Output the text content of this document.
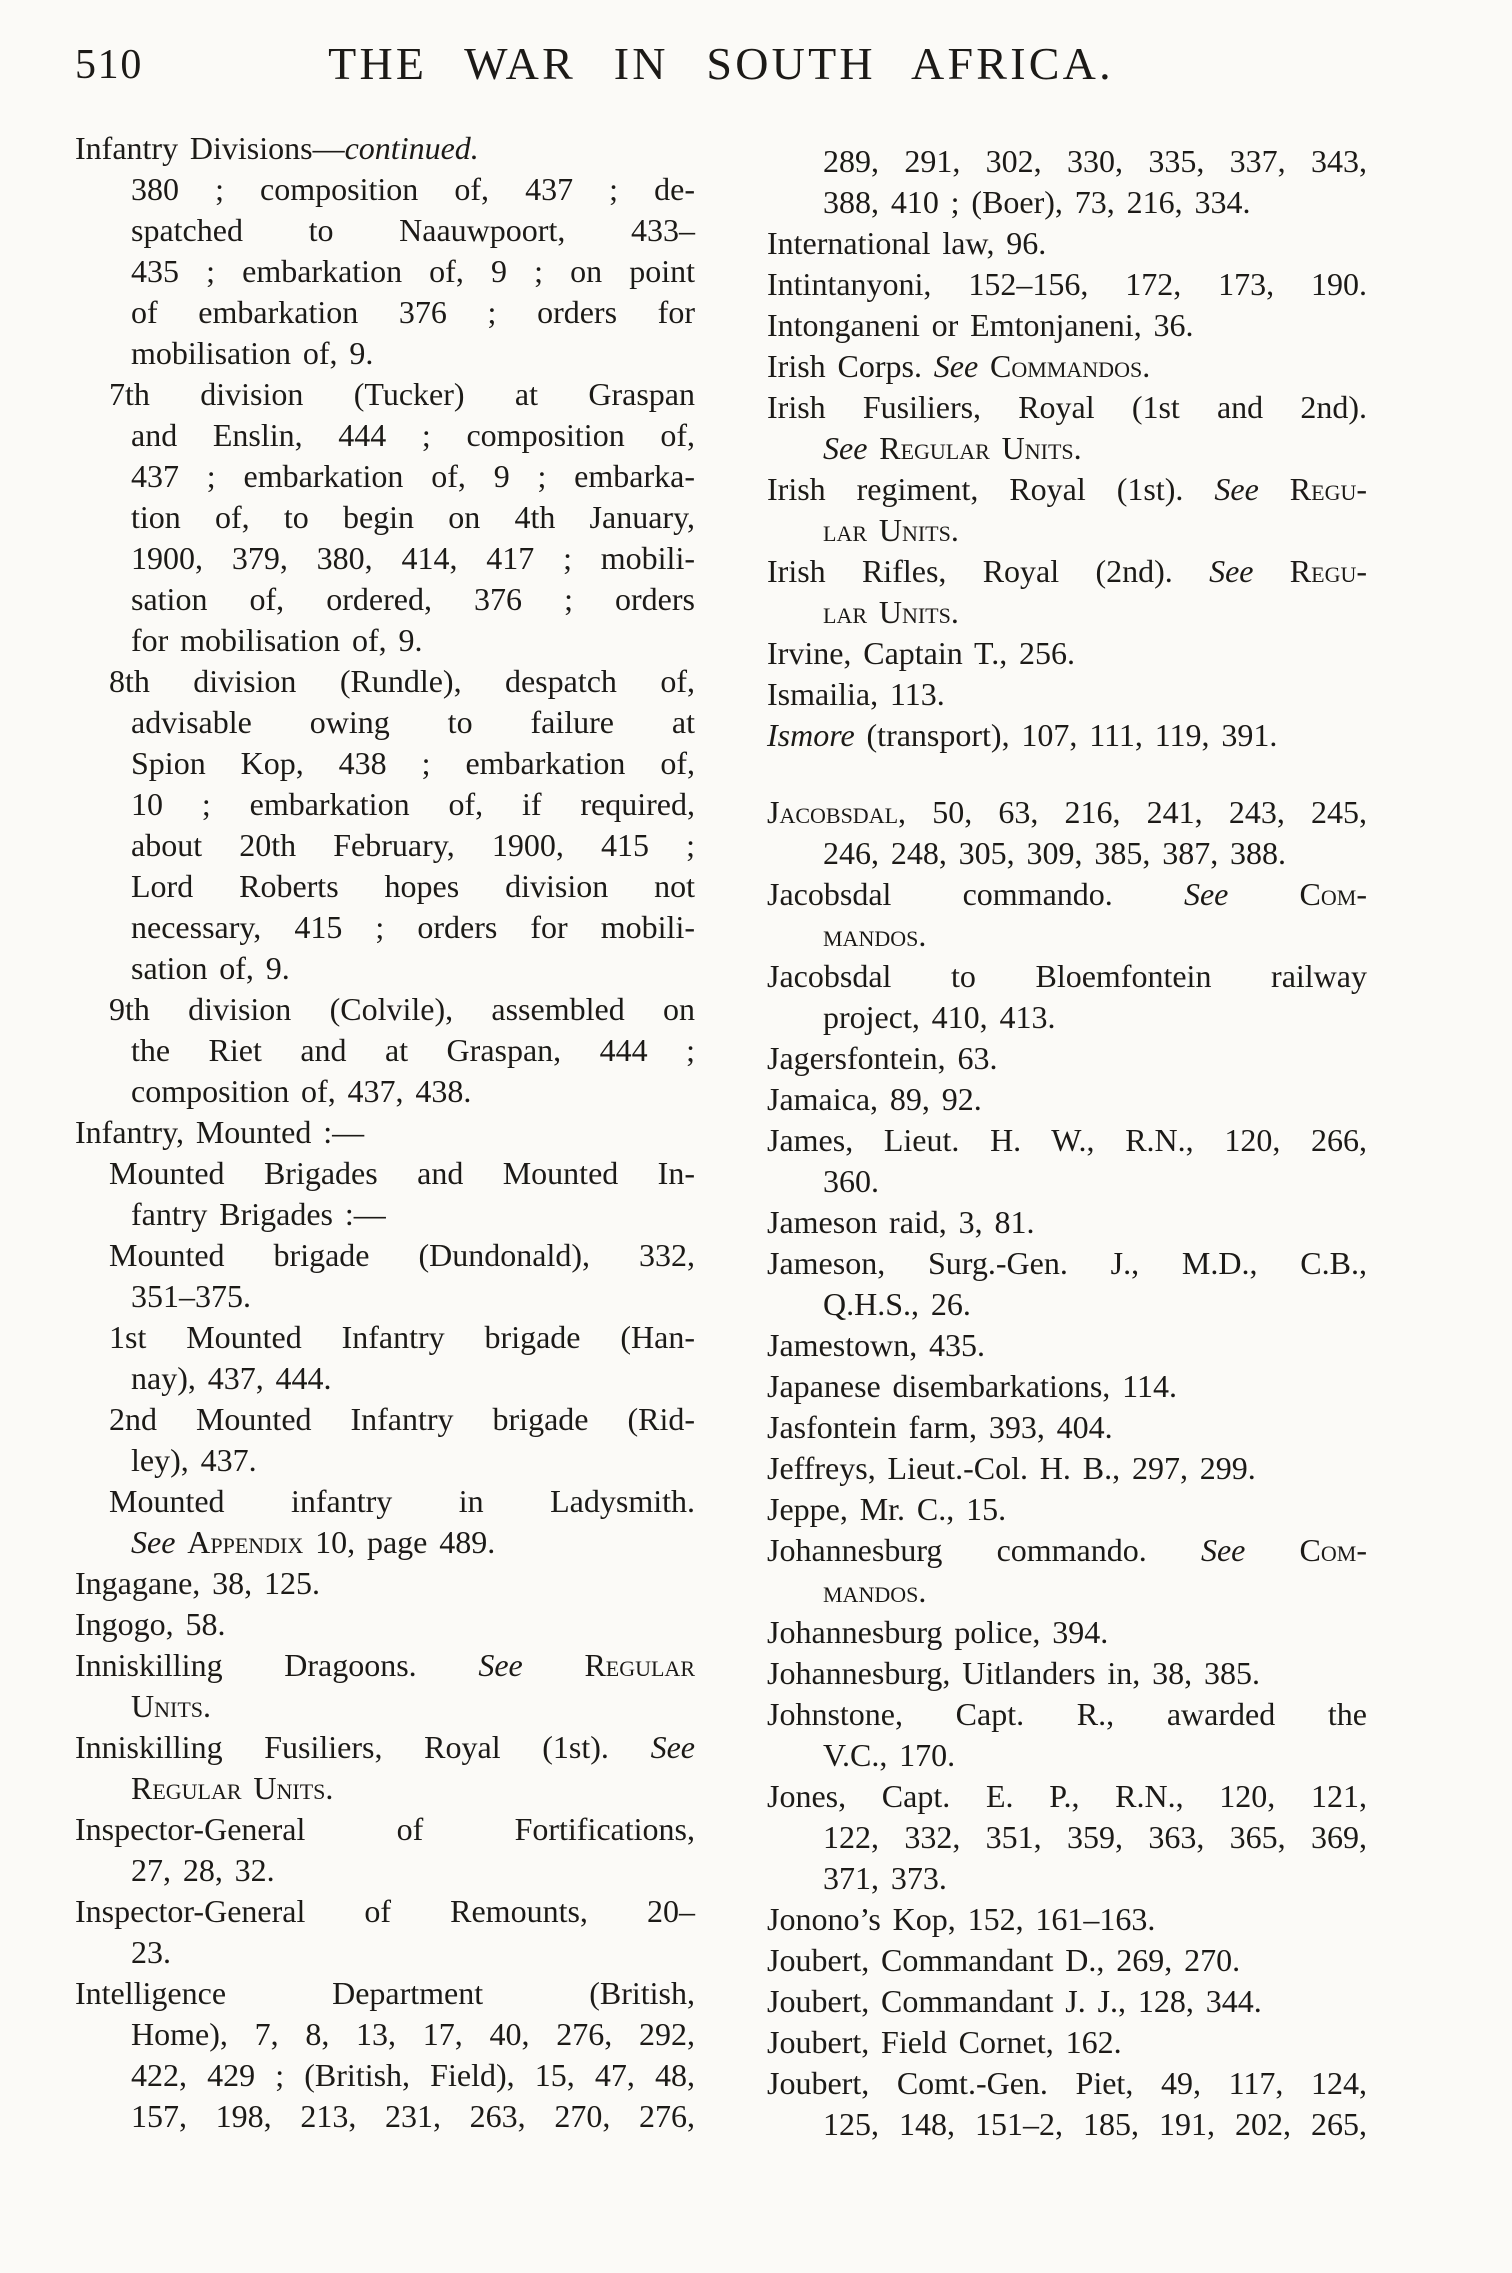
510	THE WAR IN SOUTH AFRICA.
Infantry Divisions—continued.
380 ; composition of, 437 ; de-
spatched to Naauwpoort, 433–
435 ; embarkation of, 9 ; on point
of embarkation 376 ; orders for
mobilisation of, 9.
7th division (Tucker) at Graspan
and Enslin, 444 ; composition of,
437 ; embarkation of, 9 ; embarka-
tion of, to begin on 4th January,
1900, 379, 380, 414, 417 ; mobili-
sation of, ordered, 376 ; orders
for mobilisation of, 9.
8th division (Rundle), despatch of,
advisable owing to failure at
Spion Kop, 438 ; embarkation of,
10 ; embarkation of, if required,
about 20th February, 1900, 415 ;
Lord Roberts hopes division not
necessary, 415 ; orders for mobili-
sation of, 9.
9th division (Colvile), assembled on
the Riet and at Graspan, 444 ;
composition of, 437, 438.
Infantry, Mounted :—
Mounted Brigades and Mounted In-
fantry Brigades :—
Mounted brigade (Dundonald), 332,
351–375.
1st Mounted Infantry brigade (Han-
nay), 437, 444.
2nd Mounted Infantry brigade (Rid-
ley), 437.
Mounted infantry in Ladysmith.
See Appendix 10, page 489.
Ingagane, 38, 125.
Ingogo, 58.
Inniskilling Dragoons. See Regular
Units.
Inniskilling Fusiliers, Royal (1st). See
Regular Units.
Inspector-General of Fortifications,
27, 28, 32.
Inspector-General of Remounts, 20–
23.
Intelligence Department (British,
Home), 7, 8, 13, 17, 40, 276, 292,
422, 429 ; (British, Field), 15, 47, 48,
157, 198, 213, 231, 263, 270, 276,
289, 291, 302, 330, 335, 337, 343,
388, 410 ; (Boer), 73, 216, 334.
International law, 96.
Intintanyoni, 152–156, 172, 173, 190.
Intonganeni or Emtonjaneni, 36.
Irish Corps. See Commandos.
Irish Fusiliers, Royal (1st and 2nd).
See Regular Units.
Irish regiment, Royal (1st). See Regu-
lar Units.
Irish Rifles, Royal (2nd). See Regu-
lar Units.
Irvine, Captain T., 256.
Ismailia, 113.
Ismore (transport), 107, 111, 119, 391.
Jacobsdal, 50, 63, 216, 241, 243, 245,
246, 248, 305, 309, 385, 387, 388.
Jacobsdal commando. See Com-
mandos.
Jacobsdal to Bloemfontein railway
project, 410, 413.
Jagersfontein, 63.
Jamaica, 89, 92.
James, Lieut. H. W., R.N., 120, 266,
360.
Jameson raid, 3, 81.
Jameson, Surg.-Gen. J., M.D., C.B.,
Q.H.S., 26.
Jamestown, 435.
Japanese disembarkations, 114.
Jasfontein farm, 393, 404.
Jeffreys, Lieut.-Col. H. B., 297, 299.
Jeppe, Mr. C., 15.
Johannesburg commando. See Com-
mandos.
Johannesburg police, 394.
Johannesburg, Uitlanders in, 38, 385.
Johnstone, Capt. R., awarded the
V.C., 170.
Jones, Capt. E. P., R.N., 120, 121,
122, 332, 351, 359, 363, 365, 369,
371, 373.
Jonono’s Kop, 152, 161–163.
Joubert, Commandant D., 269, 270.
Joubert, Commandant J. J., 128, 344.
Joubert, Field Cornet, 162.
Joubert, Comt.-Gen. Piet, 49, 117, 124,
125, 148, 151–2, 185, 191, 202, 265,
